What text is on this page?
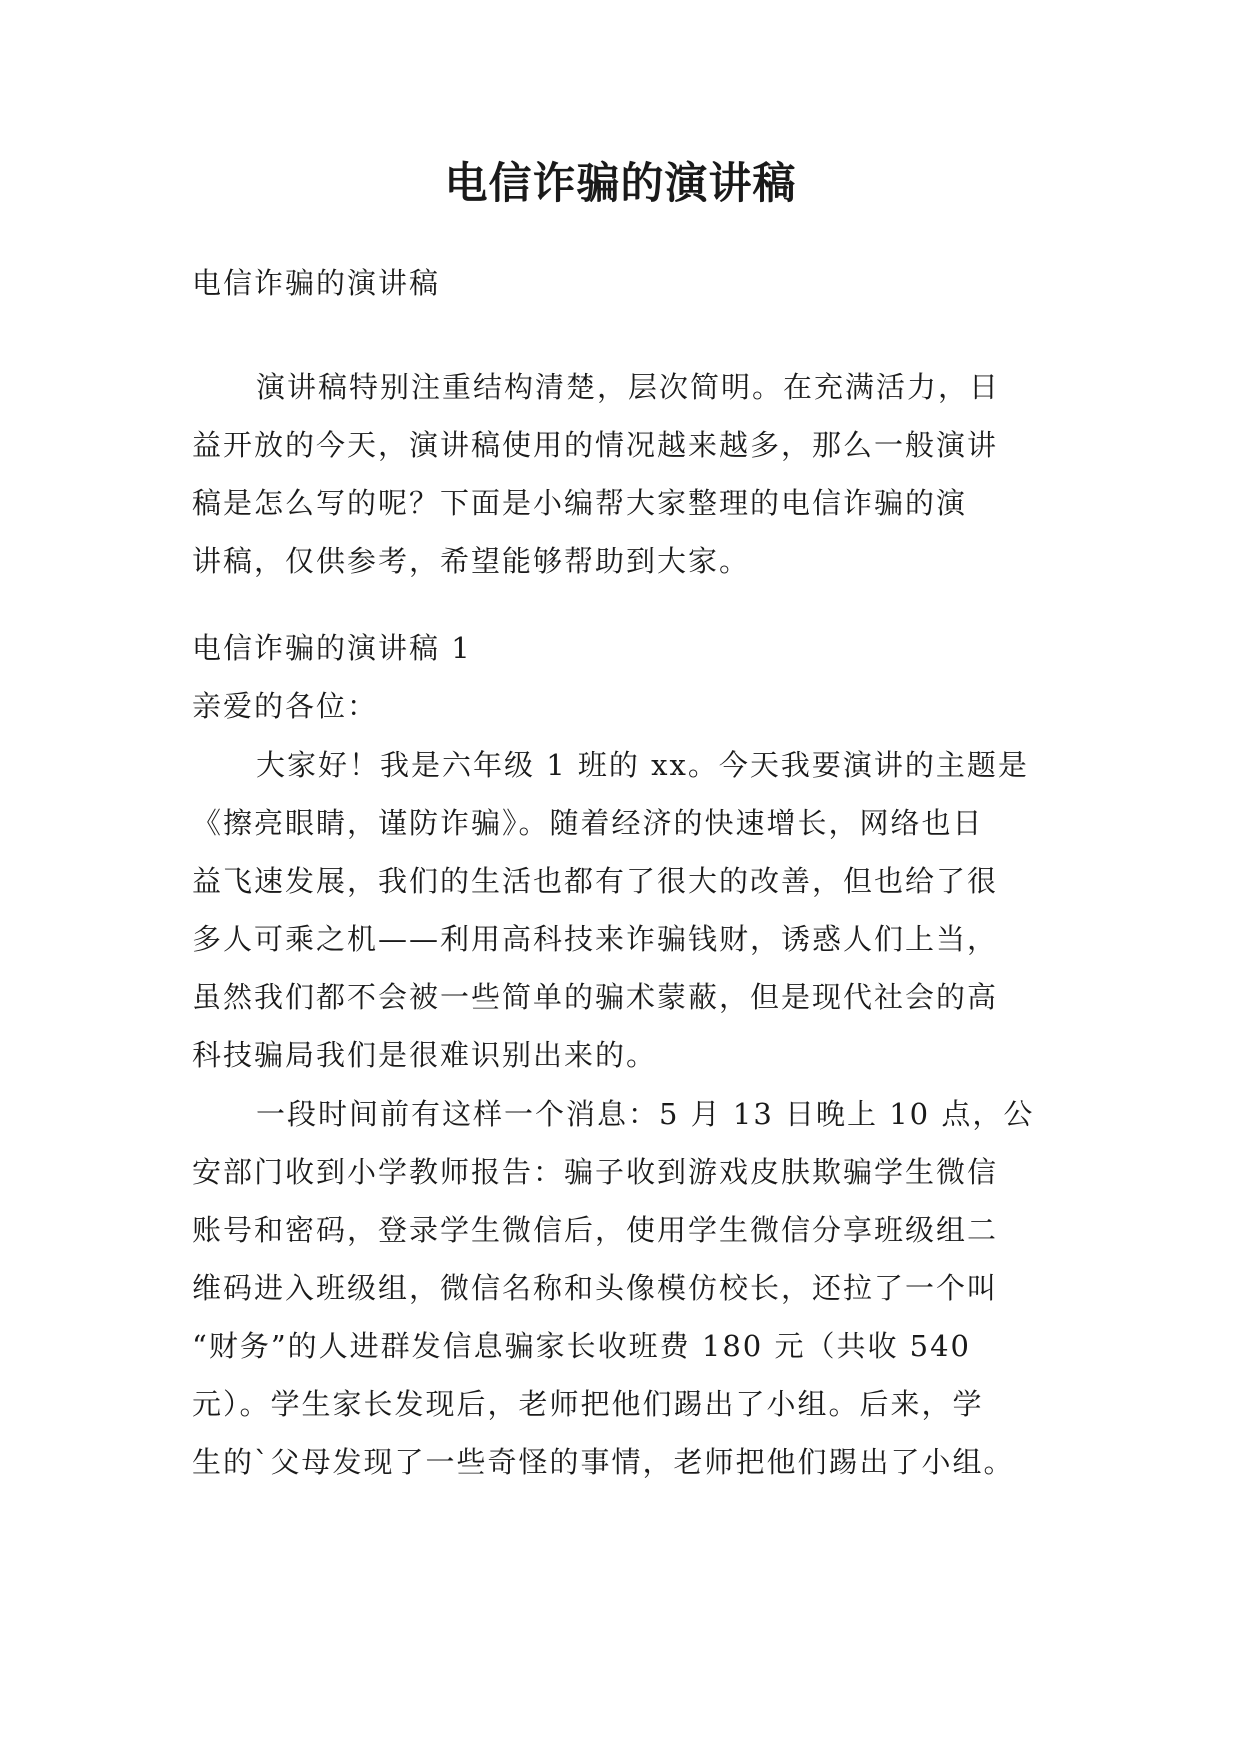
电信诈骗的演讲稿

电信诈骗的演讲稿

演讲稿特别注重结构清楚，层次简明。在充满活力，日
益开放的今天，演讲稿使用的情况越来越多，那么一般演讲
稿是怎么写的呢？下面是小编帮大家整理的电信诈骗的演
讲稿，仅供参考，希望能够帮助到大家。

电信诈骗的演讲稿 1

亲爱的各位：

大家好！我是六年级 1 班的 xx。今天我要演讲的主题是
《擦亮眼睛，谨防诈骗》。随着经济的快速增长，网络也日
益飞速发展，我们的生活也都有了很大的改善，但也给了很
多人可乘之机——利用高科技来诈骗钱财，诱惑人们上当，
虽然我们都不会被一些简单的骗术蒙蔽，但是现代社会的高
科技骗局我们是很难识别出来的。
一段时间前有这样一个消息：5 月 13 日晚上 10 点，公
安部门收到小学教师报告：骗子收到游戏皮肤欺骗学生微信
账号和密码，登录学生微信后，使用学生微信分享班级组二
维码进入班级组，微信名称和头像模仿校长，还拉了一个叫
“财务”的人进群发信息骗家长收班费 180 元（共收 540
元）。学生家长发现后，老师把他们踢出了小组。后来，学
生的`父母发现了一些奇怪的事情，老师把他们踢出了小组。
